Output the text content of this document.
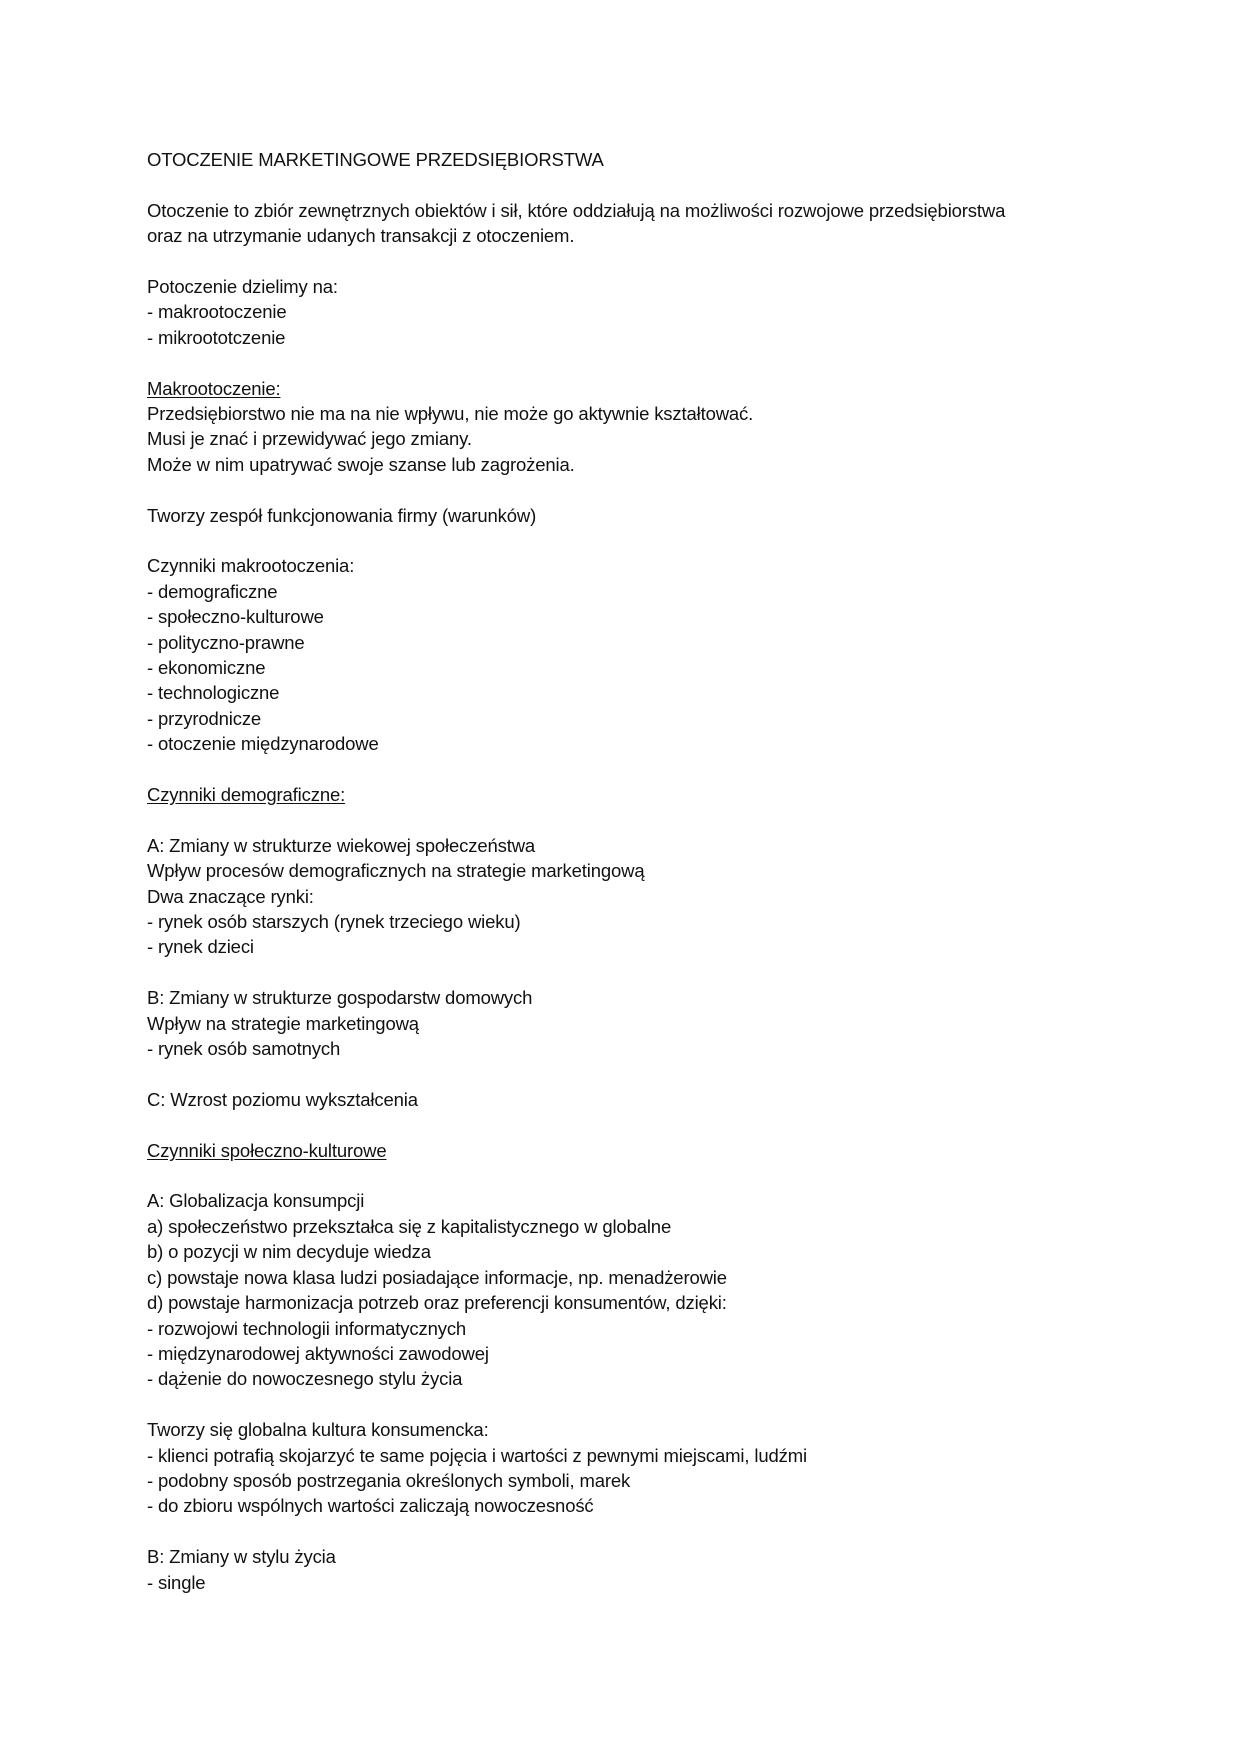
OTOCZENIE MARKETINGOWE PRZEDSIĘBIORSTWA
Otoczenie to zbiór zewnętrznych obiektów i sił, które oddziałują na możliwości rozwojowe przedsiębiorstwa
oraz na utrzymanie udanych transakcji z otoczeniem.
Potoczenie dzielimy na:
- makrootoczenie
- mikroototczenie
Makrootoczenie:
Przedsiębiorstwo nie ma na nie wpływu, nie może go aktywnie kształtować.
Musi je znać i przewidywać jego zmiany.
Może w nim upatrywać swoje szanse lub zagrożenia.
Tworzy zespół funkcjonowania firmy (warunków)
Czynniki makrootoczenia:
- demograficzne
- społeczno-kulturowe
- polityczno-prawne
- ekonomiczne
- technologiczne
- przyrodnicze
- otoczenie międzynarodowe
Czynniki demograficzne:
A: Zmiany w strukturze wiekowej społeczeństwa
Wpływ procesów demograficznych na strategie marketingową
Dwa znaczące rynki:
- rynek osób starszych (rynek trzeciego wieku)
- rynek dzieci
B: Zmiany w strukturze gospodarstw domowych
Wpływ na strategie marketingową
- rynek osób samotnych
C: Wzrost poziomu wykształcenia
Czynniki społeczno-kulturowe
A: Globalizacja konsumpcji
a) społeczeństwo przekształca się z kapitalistycznego w globalne
b) o pozycji w nim decyduje wiedza
c) powstaje nowa klasa ludzi posiadające informacje, np. menadżerowie
d) powstaje harmonizacja potrzeb oraz preferencji konsumentów, dzięki:
- rozwojowi technologii informatycznych
- międzynarodowej aktywności zawodowej
- dążenie do nowoczesnego stylu życia
Tworzy się globalna kultura konsumencka:
- klienci potrafią skojarzyć te same pojęcia i wartości z pewnymi miejscami, ludźmi
- podobny sposób postrzegania określonych symboli, marek
- do zbioru wspólnych wartości zaliczają nowoczesność
B: Zmiany w stylu życia
- single
